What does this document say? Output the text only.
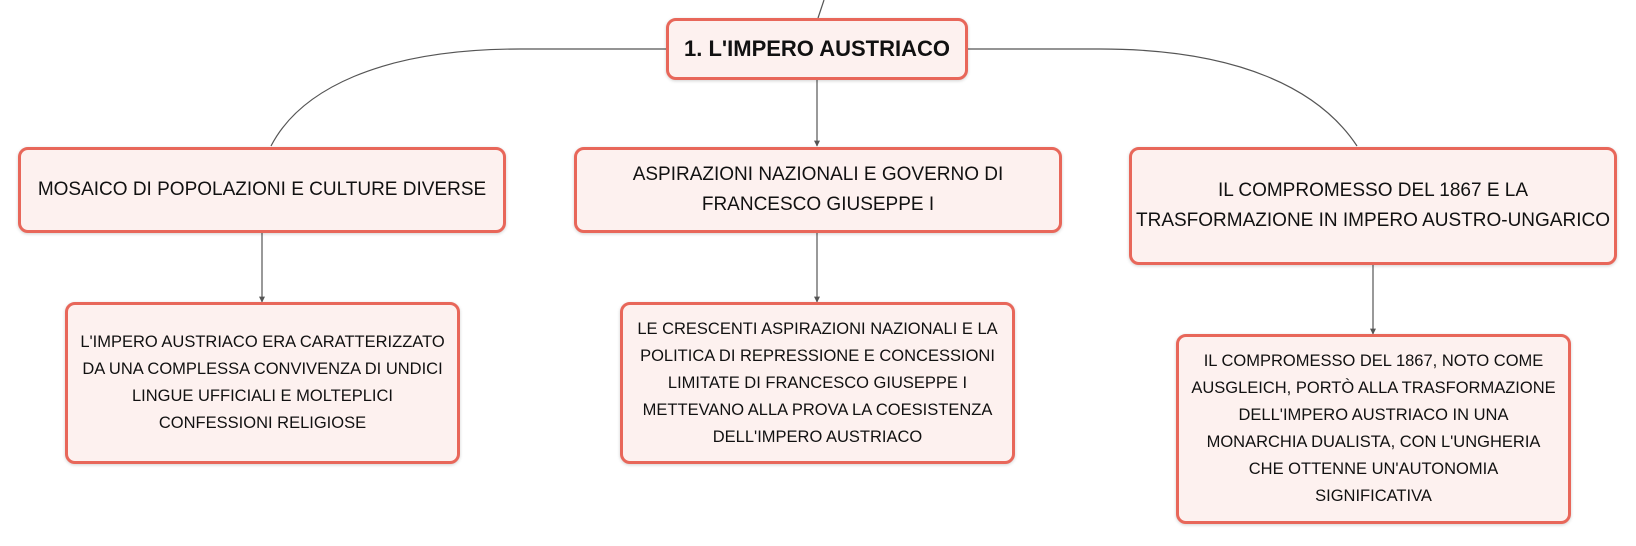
1. L'IMPERO AUSTRIACO
MOSAICO DI POPOLAZIONI E CULTURE DIVERSE
ASPIRAZIONI NAZIONALI E GOVERNO DI FRANCESCO GIUSEPPE I
IL COMPROMESSO DEL 1867 E LA TRASFORMAZIONE IN IMPERO AUSTRO-UNGARICO
L'IMPERO AUSTRIACO ERA CARATTERIZZATO DA UNA COMPLESSA CONVIVENZA DI UNDICI LINGUE UFFICIALI E MOLTEPLICI CONFESSIONI RELIGIOSE
LE CRESCENTI ASPIRAZIONI NAZIONALI E LA POLITICA DI REPRESSIONE E CONCESSIONI LIMITATE DI FRANCESCO GIUSEPPE I METTEVANO ALLA PROVA LA COESISTENZA DELL'IMPERO AUSTRIACO
IL COMPROMESSO DEL 1867, NOTO COME AUSGLEICH, PORTÒ ALLA TRASFORMAZIONE DELL'IMPERO AUSTRIACO IN UNA MONARCHIA DUALISTA, CON L'UNGHERIA CHE OTTENNE UN'AUTONOMIA SIGNIFICATIVA
